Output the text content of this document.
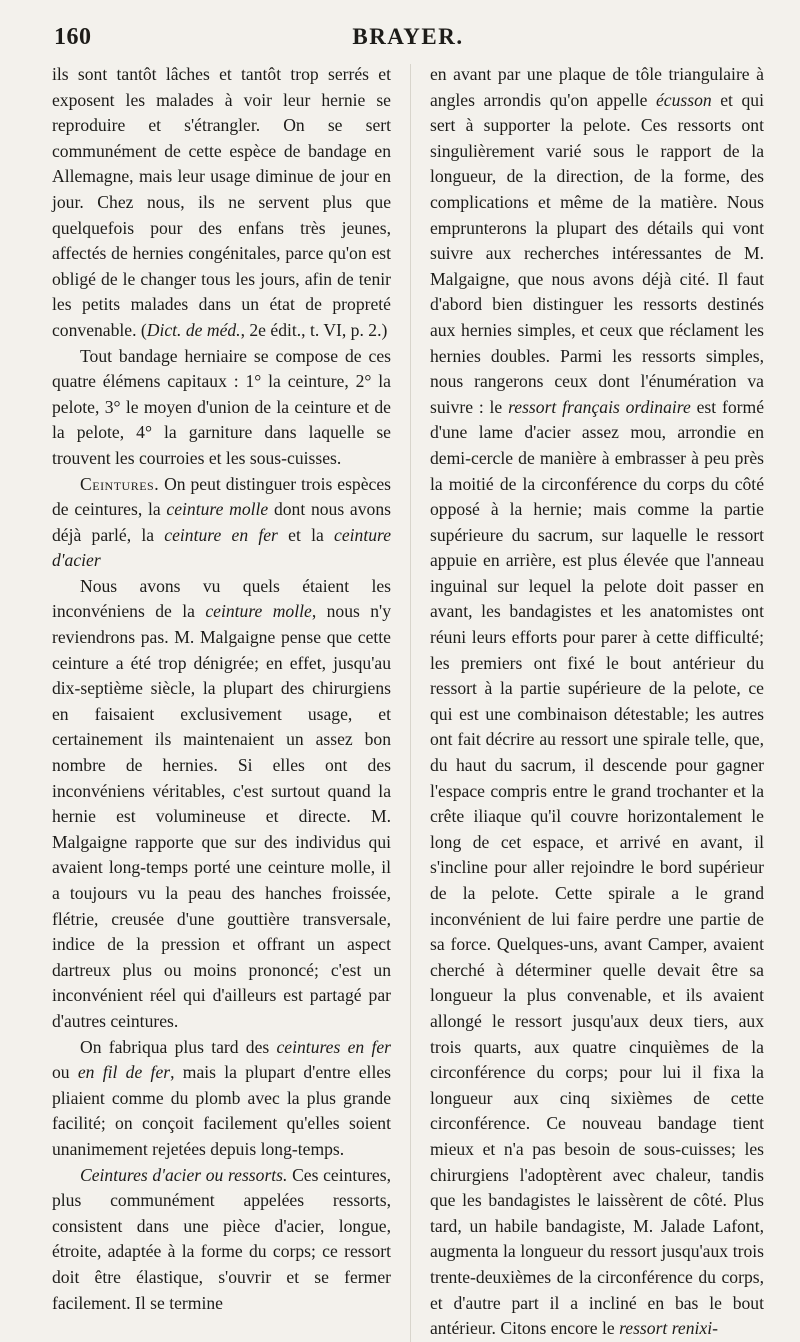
160	BRAYER.

ils sont tantôt lâches et tantôt trop serrés et exposent les malades à voir leur hernie se reproduire et s'étrangler. On se sert communément de cette espèce de bandage en Allemagne, mais leur usage diminue de jour en jour. Chez nous, ils ne servent plus que quelquefois pour des enfans très jeunes, affectés de hernies congénitales, parce qu'on est obligé de le changer tous les jours, afin de tenir les petits malades dans un état de propreté convenable. (Dict. de méd., 2e édit., t. VI, p. 2.)

Tout bandage herniaire se compose de ces quatre élémens capitaux : 1° la ceinture, 2° la pelote, 3° le moyen d'union de la ceinture et de la pelote, 4° la garniture dans laquelle se trouvent les courroies et les sous-cuisses.

Ceintures. On peut distinguer trois espèces de ceintures, la ceinture molle dont nous avons déjà parlé, la ceinture en fer et la ceinture d'acier

Nous avons vu quels étaient les inconvéniens de la ceinture molle, nous n'y reviendrons pas. M. Malgaigne pense que cette ceinture a été trop dénigrée; en effet, jusqu'au dix-septième siècle, la plupart des chirurgiens en faisaient exclusivement usage, et certainement ils maintenaient un assez bon nombre de hernies. Si elles ont des inconvéniens véritables, c'est surtout quand la hernie est volumineuse et directe. M. Malgaigne rapporte que sur des individus qui avaient long-temps porté une ceinture molle, il a toujours vu la peau des hanches froissée, flétrie, creusée d'une gouttière transversale, indice de la pression et offrant un aspect dartreux plus ou moins prononcé; c'est un inconvénient réel qui d'ailleurs est partagé par d'autres ceintures.

On fabriqua plus tard des ceintures en fer ou en fil de fer, mais la plupart d'entre elles pliaient comme du plomb avec la plus grande facilité; on conçoit facilement qu'elles soient unanimement rejetées depuis long-temps.

Ceintures d'acier ou ressorts. Ces ceintures, plus communément appelées ressorts, consistent dans une pièce d'acier, longue, étroite, adaptée à la forme du corps; ce ressort doit être élastique, s'ouvrir et se fermer facilement. Il se termine

en avant par une plaque de tôle triangulaire à angles arrondis qu'on appelle écusson et qui sert à supporter la pelote. Ces ressorts ont singulièrement varié sous le rapport de la longueur, de la direction, de la forme, des complications et même de la matière. Nous emprunterons la plupart des détails qui vont suivre aux recherches intéressantes de M. Malgaigne, que nous avons déjà cité. Il faut d'abord bien distinguer les ressorts destinés aux hernies simples, et ceux que réclament les hernies doubles. Parmi les ressorts simples, nous rangerons ceux dont l'énumération va suivre : le ressort français ordinaire est formé d'une lame d'acier assez mou, arrondie en demi-cercle de manière à embrasser à peu près la moitié de la circonférence du corps du côté opposé à la hernie; mais comme la partie supérieure du sacrum, sur laquelle le ressort appuie en arrière, est plus élevée que l'anneau inguinal sur lequel la pelote doit passer en avant, les bandagistes et les anatomistes ont réuni leurs efforts pour parer à cette difficulté; les premiers ont fixé le bout antérieur du ressort à la partie supérieure de la pelote, ce qui est une combinaison détestable; les autres ont fait décrire au ressort une spirale telle, que, du haut du sacrum, il descende pour gagner l'espace compris entre le grand trochanter et la crête iliaque qu'il couvre horizontalement le long de cet espace, et arrivé en avant, il s'incline pour aller rejoindre le bord supérieur de la pelote. Cette spirale a le grand inconvénient de lui faire perdre une partie de sa force. Quelques-uns, avant Camper, avaient cherché à déterminer quelle devait être sa longueur la plus convenable, et ils avaient allongé le ressort jusqu'aux deux tiers, aux trois quarts, aux quatre cinquièmes de la circonférence du corps; pour lui il fixa la longueur aux cinq sixièmes de cette circonférence. Ce nouveau bandage tient mieux et n'a pas besoin de sous-cuisses; les chirurgiens l'adoptèrent avec chaleur, tandis que les bandagistes le laissèrent de côté. Plus tard, un habile bandagiste, M. Jalade Lafont, augmenta la longueur du ressort jusqu'aux trois trente-deuxièmes de la circonférence du corps, et d'autre part il a incliné en bas le bout antérieur. Citons encore le ressort renixi-
